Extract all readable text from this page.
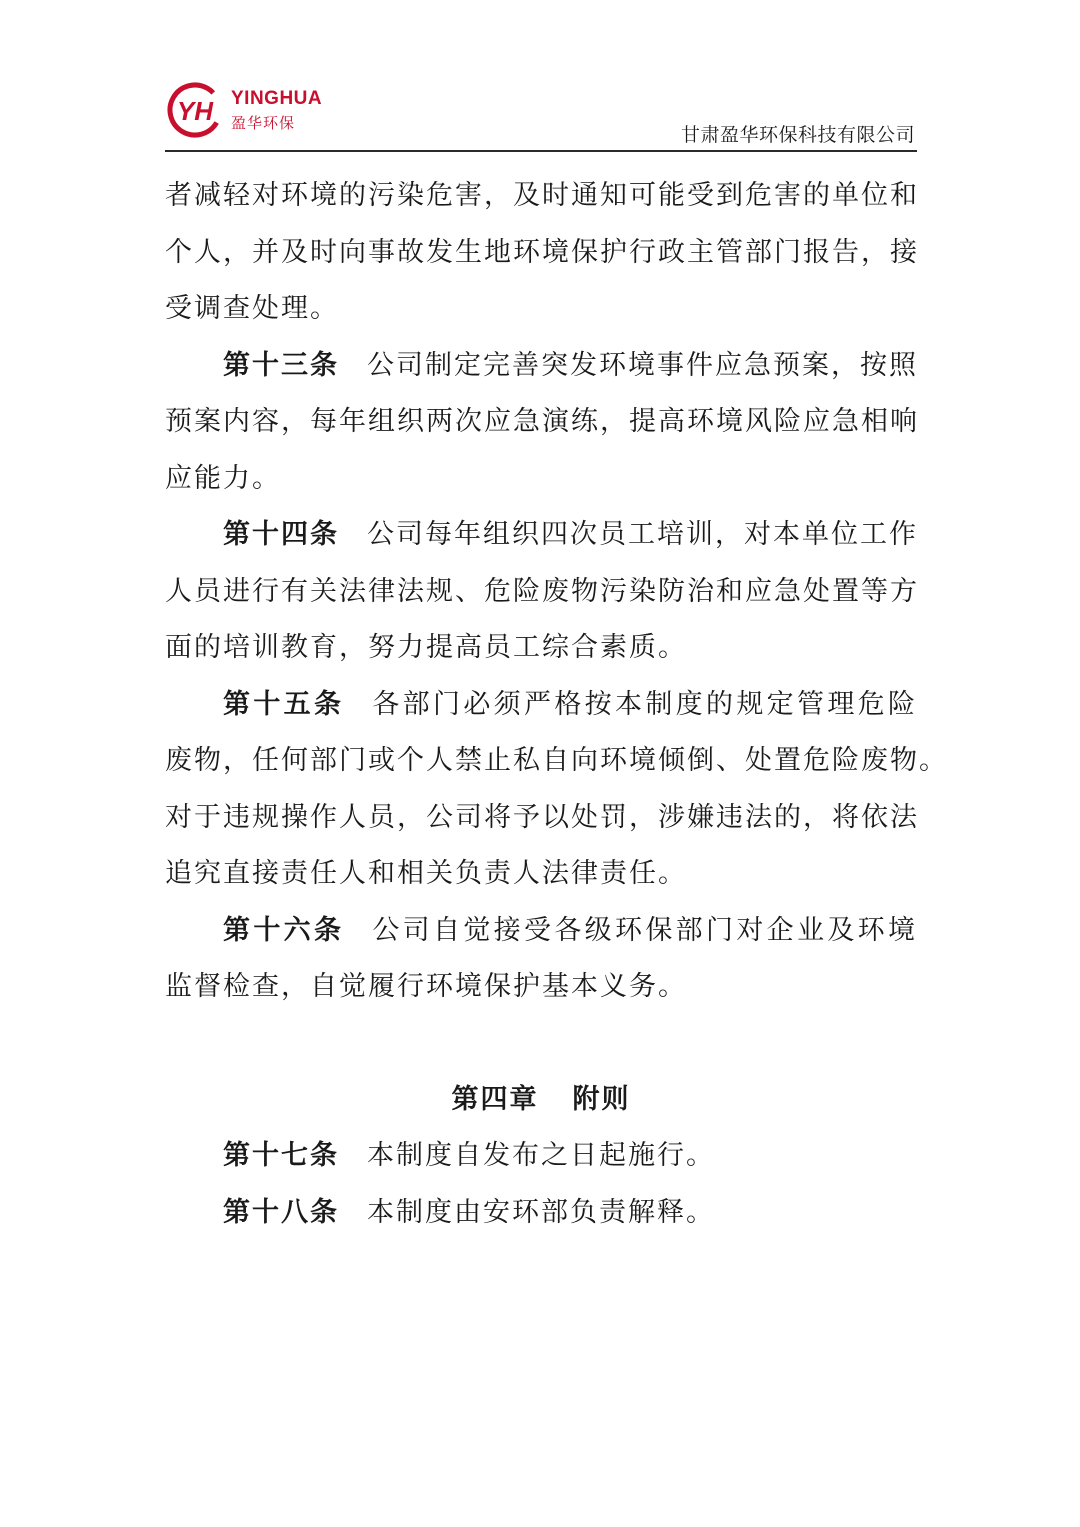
YH YINGHUA
盈华环保
甘肃盈华环保科技有限公司
者减轻对环境的污染危害，及时通知可能受到危害的单位和
个人，并及时向事故发生地环境保护行政主管部门报告，接
受调查处理。
第十三条 公司制定完善突发环境事件应急预案，按照
预案内容，每年组织两次应急演练，提高环境风险应急相响
应能力。
第十四条 公司每年组织四次员工培训，对本单位工作
人员进行有关法律法规、危险废物污染防治和应急处置等方
面的培训教育，努力提高员工综合素质。
第十五条 各部门必须严格按本制度的规定管理危险
废物，任何部门或个人禁止私自向环境倾倒、处置危险废物。
对于违规操作人员，公司将予以处罚，涉嫌违法的，将依法
追究直接责任人和相关负责人法律责任。
第十六条 公司自觉接受各级环保部门对企业及环境
监督检查，自觉履行环境保护基本义务。
第四章 附则
第十七条 本制度自发布之日起施行。
第十八条 本制度由安环部负责解释。
